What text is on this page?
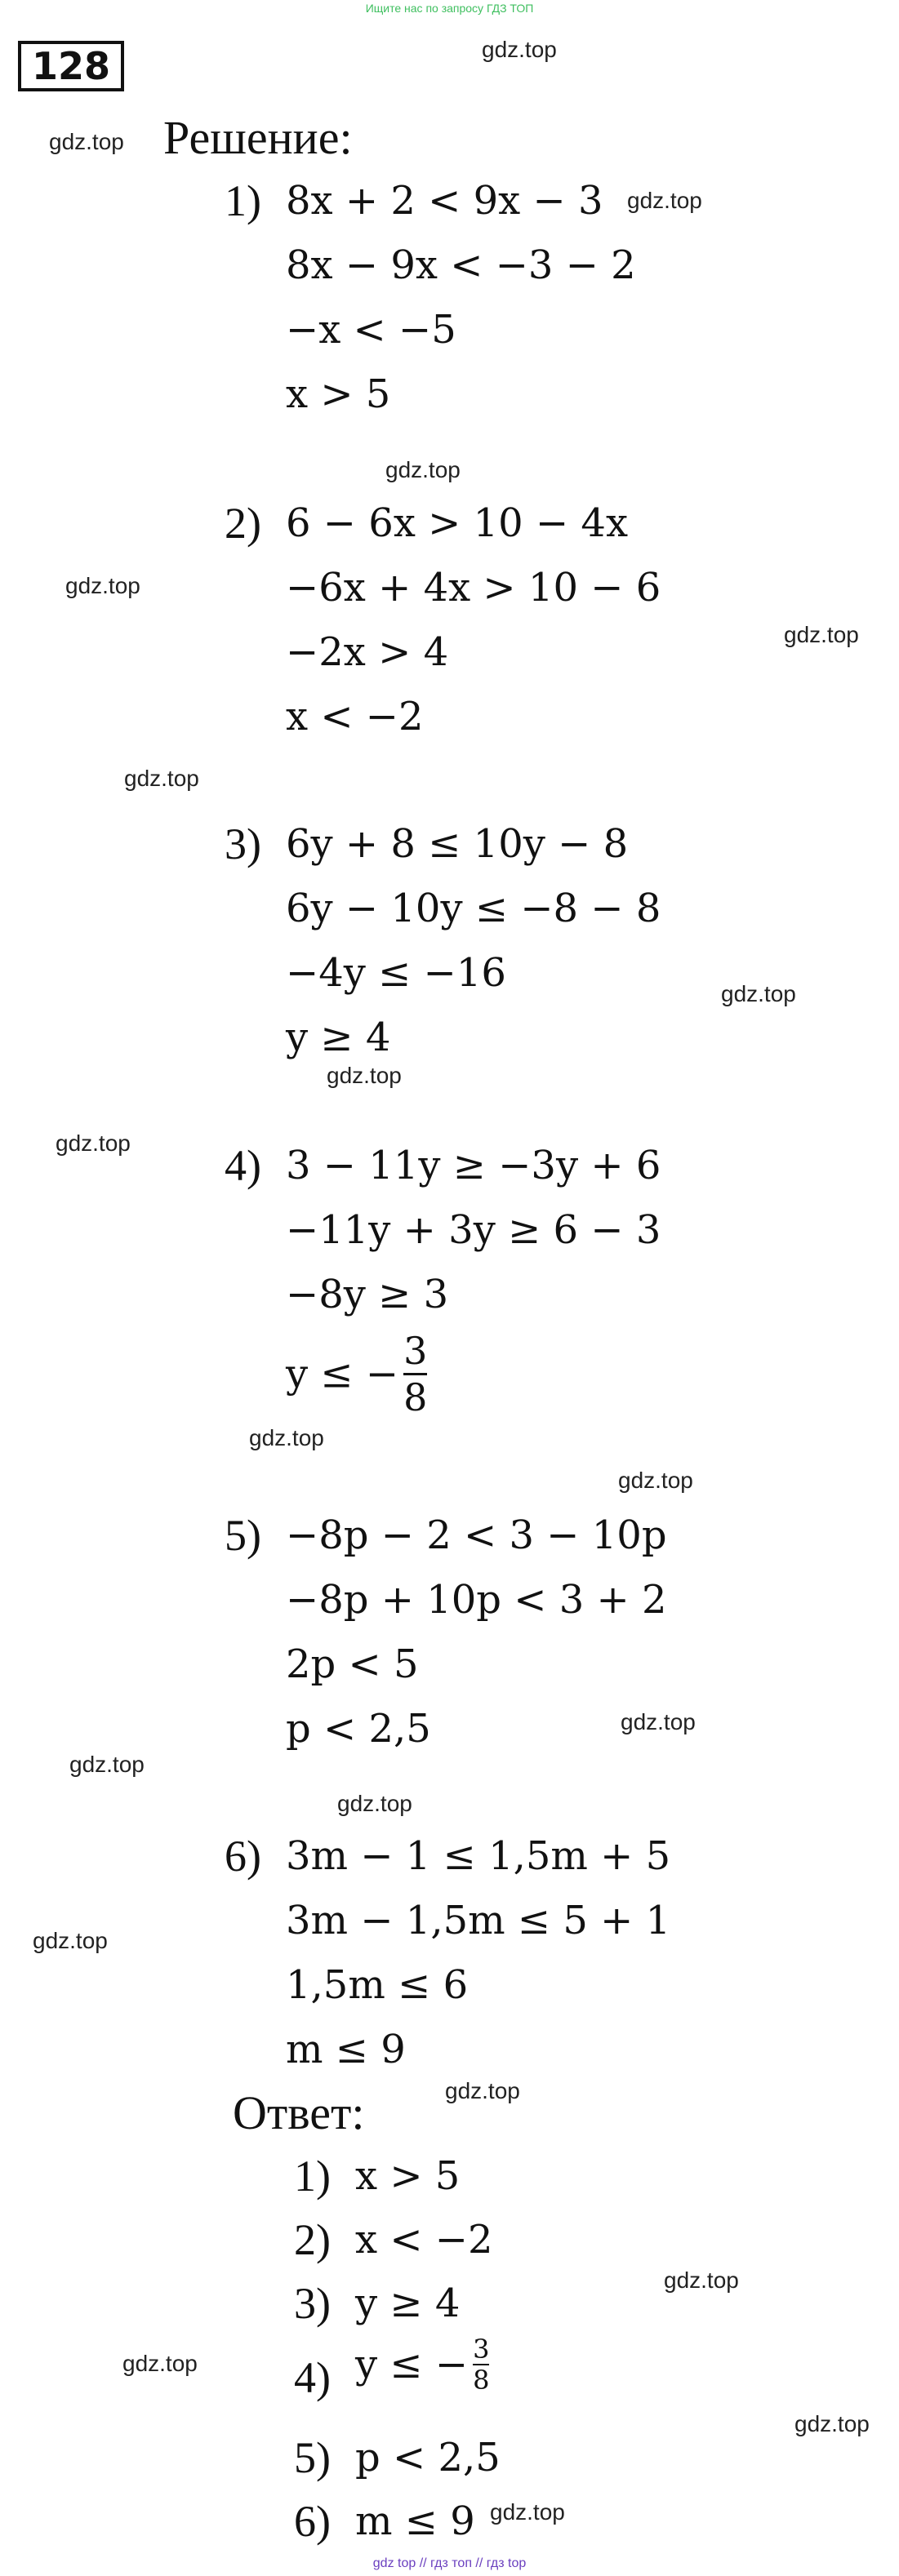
Ищите нас по запросу ГДЗ ТОП
128
Решение:
1) 8x + 2 < 9x − 3
8x − 9x < −3 − 2
−x < −5
x > 5
2) 6 − 6x > 10 − 4x
−6x + 4x > 10 − 6
−2x > 4
x < −2
3) 6y + 8 ≤ 10y − 8
6y − 10y ≤ −8 − 8
−4y ≤ −16
y ≥ 4
4) 3 − 11y ≥ −3y + 6
−11y + 3y ≥ 6 − 3
−8y ≥ 3
y ≤ − $\frac{3}{8}$
5) −8p − 2 < 3 − 10p
−8p + 10p < 3 + 2
2p < 5
p < 2,5
6) 3m − 1 ≤ 1,5m + 5
3m − 1,5m ≤ 5 + 1
1,5m ≤ 6
m ≤ 9
Ответ:
1) x > 5
2) x < −2
3) y ≥ 4
4) y ≤ − $\frac{3}{8}$
5) p < 2,5
6) m ≤ 9
gdz.top
gdz.top
gdz.top
gdz.top
gdz.top
gdz.top
gdz.top
gdz.top
gdz.top
gdz.top
gdz.top
gdz.top
gdz.top
gdz.top
gdz.top
gdz.top
gdz.top
gdz.top
gdz.top
gdz.top
gdz.top
gdz top // гдз топ // гдз top
